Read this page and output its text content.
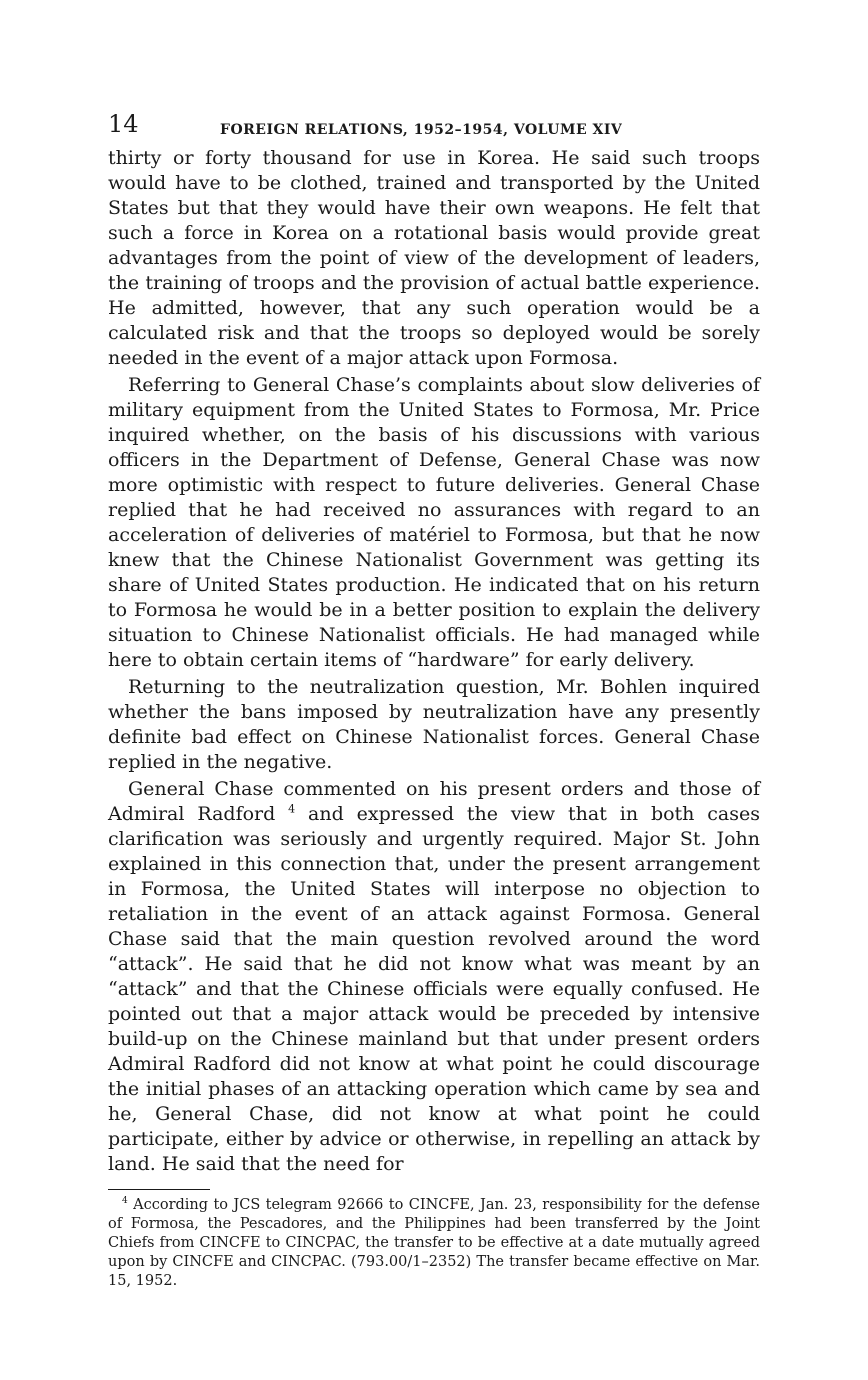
14	FOREIGN RELATIONS, 1952–1954, VOLUME XIV

thirty or forty thousand for use in Korea. He said such troops would have to be clothed, trained and transported by the United States but that they would have their own weapons. He felt that such a force in Korea on a rotational basis would provide great advantages from the point of view of the development of leaders, the training of troops and the provision of actual battle experience. He admitted, however, that any such operation would be a calculated risk and that the troops so deployed would be sorely needed in the event of a major attack upon Formosa.

Referring to General Chase’s complaints about slow deliveries of military equipment from the United States to Formosa, Mr. Price inquired whether, on the basis of his discussions with various officers in the Department of Defense, General Chase was now more optimistic with respect to future deliveries. General Chase replied that he had received no assurances with regard to an acceleration of deliveries of matériel to Formosa, but that he now knew that the Chinese Nationalist Government was getting its share of United States production. He indicated that on his return to Formosa he would be in a better position to explain the delivery situation to Chinese Nationalist officials. He had managed while here to obtain certain items of “hardware” for early delivery.

Returning to the neutralization question, Mr. Bohlen inquired whether the bans imposed by neutralization have any presently definite bad effect on Chinese Nationalist forces. General Chase replied in the negative.

General Chase commented on his present orders and those of Admiral Radford $^4$ and expressed the view that in both cases clarification was seriously and urgently required. Major St. John explained in this connection that, under the present arrangement in Formosa, the United States will interpose no objection to retaliation in the event of an attack against Formosa. General Chase said that the main question revolved around the word “attack”. He said that he did not know what was meant by an “attack” and that the Chinese officials were equally confused. He pointed out that a major attack would be preceded by intensive build-up on the Chinese mainland but that under present orders Admiral Radford did not know at what point he could discourage the initial phases of an attacking operation which came by sea and he, General Chase, did not know at what point he could participate, either by advice or otherwise, in repelling an attack by land. He said that the need for

$^4$ According to JCS telegram 92666 to CINCFE, Jan. 23, responsibility for the defense of Formosa, the Pescadores, and the Philippines had been transferred by the Joint Chiefs from CINCFE to CINCPAC, the transfer to be effective at a date mutually agreed upon by CINCFE and CINCPAC. (793.00/1–2352) The transfer became effective on Mar. 15, 1952.
